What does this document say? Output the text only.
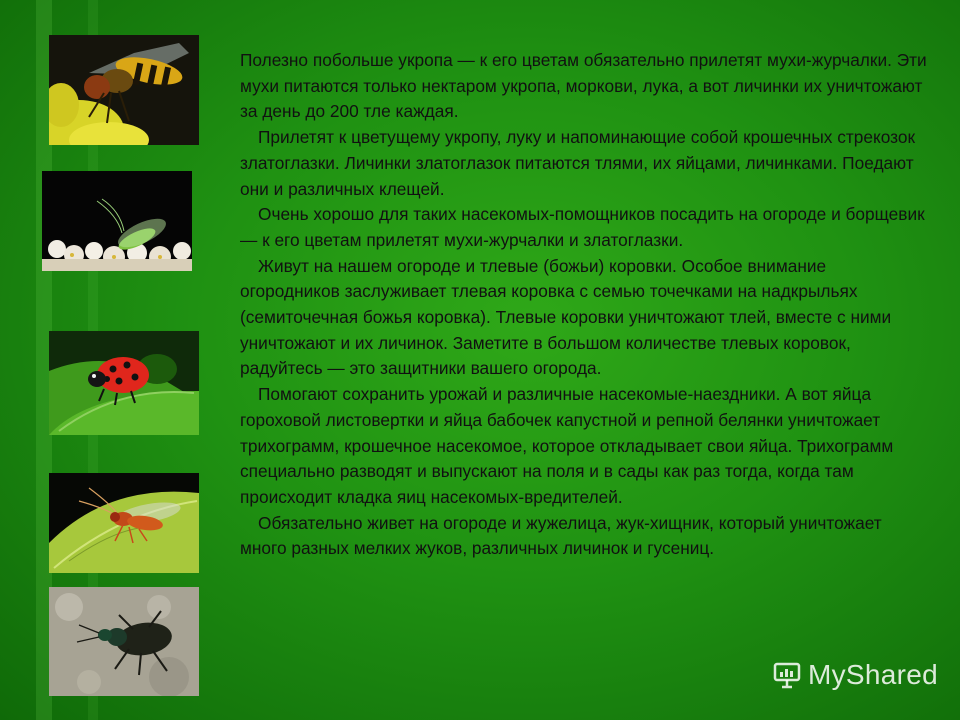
Полезно побольше укропа — к его цветам обязательно прилетят мухи-журчалки. Эти мухи питаются только нектаром укропа, моркови, лука, а вот личинки их уничтожают за день до 200 тле каждая.

Прилетят к цветущему укропу, луку и напоминающие собой крошечных стрекозок златоглазки. Личинки златоглазок питаются тлями, их яйцами, личинками. Поедают они и различных клещей.

Очень хорошо для таких насекомых-помощников посадить на огороде и борщевик — к его цветам прилетят мухи-журчалки и златоглазки.

Живут на нашем огороде и тлевые (божьи) коровки. Особое внимание огородников заслуживает тлевая коровка с семью точечками на надкрыльях (семиточечная божья коровка). Тлевые коровки уничтожают тлей, вместе с ними уничтожают и их личинок. Заметите в большом количестве тлевых коровок, радуйтесь — это защитники вашего огорода.

Помогают сохранить урожай и различные насекомые-наездники. А вот яйца гороховой листовертки и яйца бабочек капустной и репной белянки уничтожает трихограмм, крошечное насекомое, которое откладывает свои яйца. Трихограмм специально разводят и выпускают на поля и в сады как раз тогда, когда там происходит кладка яиц насекомых-вредителей.

Обязательно живет на огороде и жужелица, жук-хищник, который уничтожает много разных мелких жуков, различных личинок и гусениц.

MyShared
